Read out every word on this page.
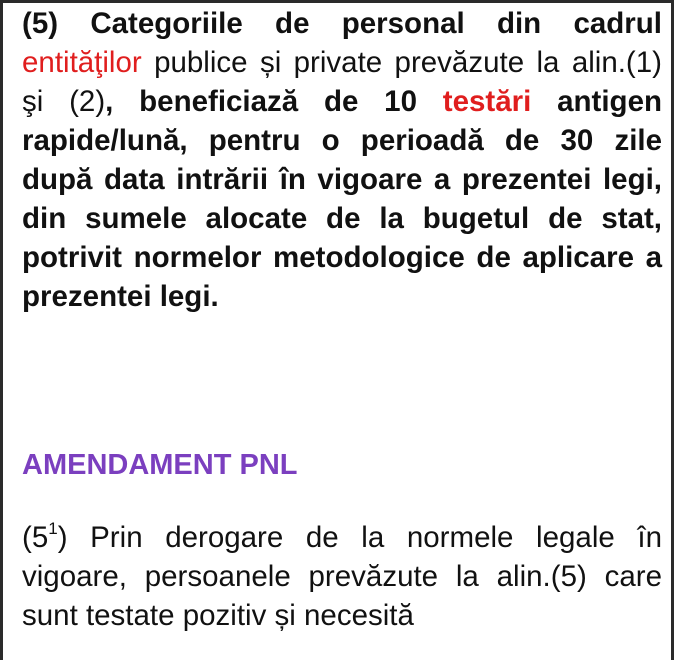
(5) Categoriile de personal din cadrul entităţilor publice și private prevăzute la alin.(1) şi (2), beneficiază de 10 testări antigen rapide/lună, pentru o perioadă de 30 zile după data intrării în vigoare a prezentei legi, din sumele alocate de la bugetul de stat, potrivit normelor metodologice de aplicare a prezentei legi.

AMENDAMENT PNL

$(5^1)$ Prin derogare de la normele legale în vigoare, persoanele prevăzute la alin.(5) care sunt testate pozitiv și necesită
